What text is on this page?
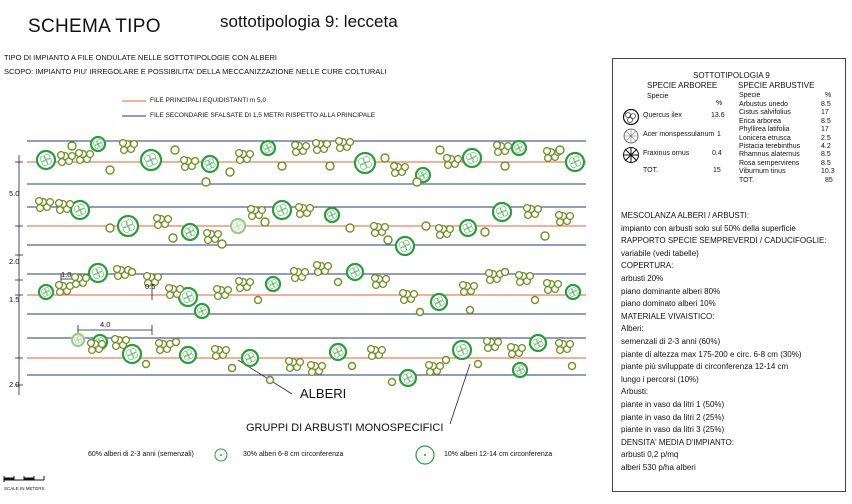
SCHEMA TIPO	sottotipologia 9: lecceta
TIPO DI IMPIANTO A FILE ONDULATE NELLE SOTTOTIPOLOGIE CON ALBERI
SCOPO: IMPIANTO PIU' IRREGOLARE E POSSIBILITA' DELLA MECCANIZZAZIONE NELLE CURE COLTURALI
FILE PRINCIPALI EQUIDISTANTI m 5,0
FILE SECONDARIE SFALSATE DI 1,5 METRI RISPETTO ALLA PRINCIPALE
5.0
2.0
1.5
2.0
1.0
0.5
4.0
ALBERI
GRUPPI DI ARBUSTI MONOSPECIFICI
60% alberi di 2-3 anni (semenzali)	30% alberi 6-8 cm circonferenza	10% alberi 12-14 cm circonferenza
SCALE IN METERS
SOTTOTIPOLOGIA 9
SPECIE ARBOREE	SPECIE ARBUSTIVE
Specie	Specie
%
%
Quercus ilex	13.6
Acer monspessulanum 1
Fraxinus ornus	0.4
TOT.	15
Arbustus unedo	8.5
Cistus salvifolius	17
Erica arborea	8.5
Phyllirea latifolia	17
Lonicera etrusca	2.5
Pistacia terebinthus	4.2
Rhamnus alaternus	8.5
Rosa sempervirens	8.5
Viburnum tinus	10.3
TOT.	85
MESCOLANZA ALBERI / ARBUSTI:
impianto con arbusti solo sul 50% della superficie
RAPPORTO SPECIE SEMPREVERDI / CADUCIFOGLIE:
variabile (vedi tabelle)
COPERTURA:
arbusti 20%
piano dominante alberi 80%
piano dominato alberi 10%
MATERIALE VIVAISTICO:
Alberi:
semenzali di 2-3 anni (60%)
piante di altezza max 175-200 e circ. 6-8 cm (30%)
piante più sviluppate di circonferenza 12-14 cm
lungo i percorsi (10%)
Arbusti:
piante in vaso da litri 1 (50%)
piante in vaso da litri 2 (25%)
piante in vaso da litri 3 (25%)
DENSITA' MEDIA D'IMPIANTO:
arbusti 0,2 p/mq
alberi 530 p/ha alberi
